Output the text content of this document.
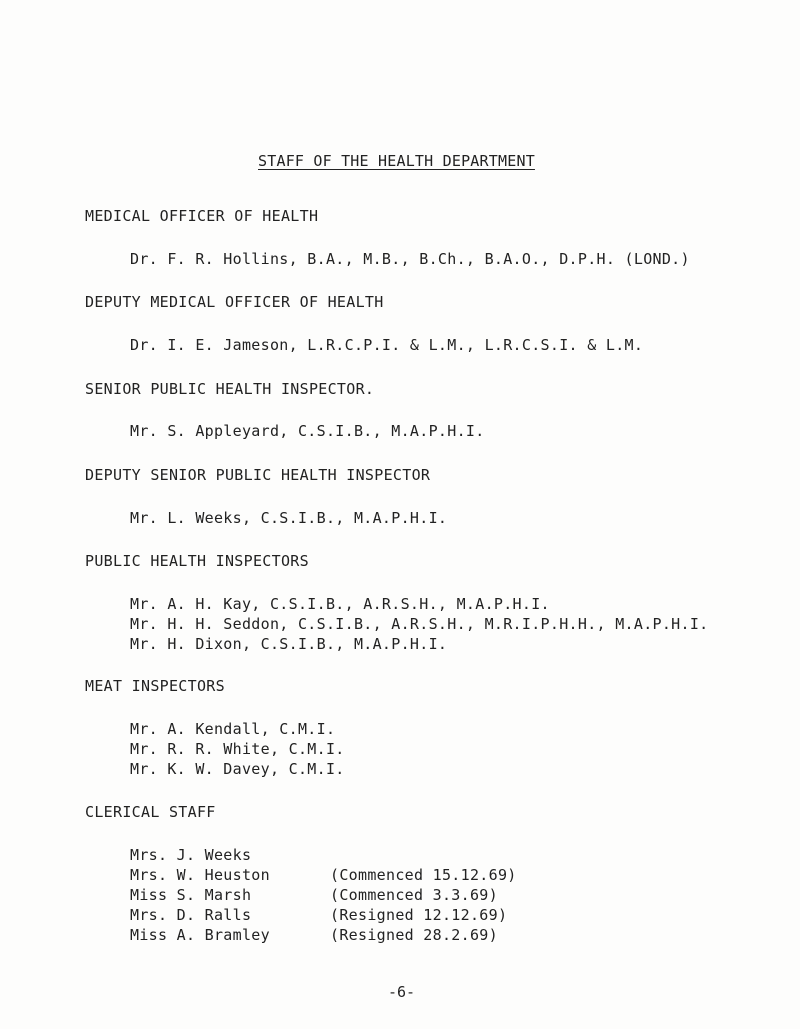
STAFF OF THE HEALTH DEPARTMENT
MEDICAL OFFICER OF HEALTH
Dr. F. R. Hollins, B.A., M.B., B.Ch., B.A.O., D.P.H. (LOND.)
DEPUTY MEDICAL OFFICER OF HEALTH
Dr. I. E. Jameson, L.R.C.P.I. & L.M., L.R.C.S.I. & L.M.
SENIOR PUBLIC HEALTH INSPECTOR.
Mr. S. Appleyard, C.S.I.B., M.A.P.H.I.
DEPUTY SENIOR PUBLIC HEALTH INSPECTOR
Mr. L. Weeks, C.S.I.B., M.A.P.H.I.
PUBLIC HEALTH INSPECTORS
Mr. A. H. Kay, C.S.I.B., A.R.S.H., M.A.P.H.I.
Mr. H. H. Seddon, C.S.I.B., A.R.S.H., M.R.I.P.H.H., M.A.P.H.I.
Mr. H. Dixon, C.S.I.B., M.A.P.H.I.
MEAT INSPECTORS
Mr. A. Kendall, C.M.I.
Mr. R. R. White, C.M.I.
Mr. K. W. Davey, C.M.I.
CLERICAL STAFF
Mrs. J. Weeks
Mrs. W. Heuston	(Commenced 15.12.69)
Miss S. Marsh	(Commenced 3.3.69)
Mrs. D. Ralls	(Resigned 12.12.69)
Miss A. Bramley	(Resigned 28.2.69)
-6-
